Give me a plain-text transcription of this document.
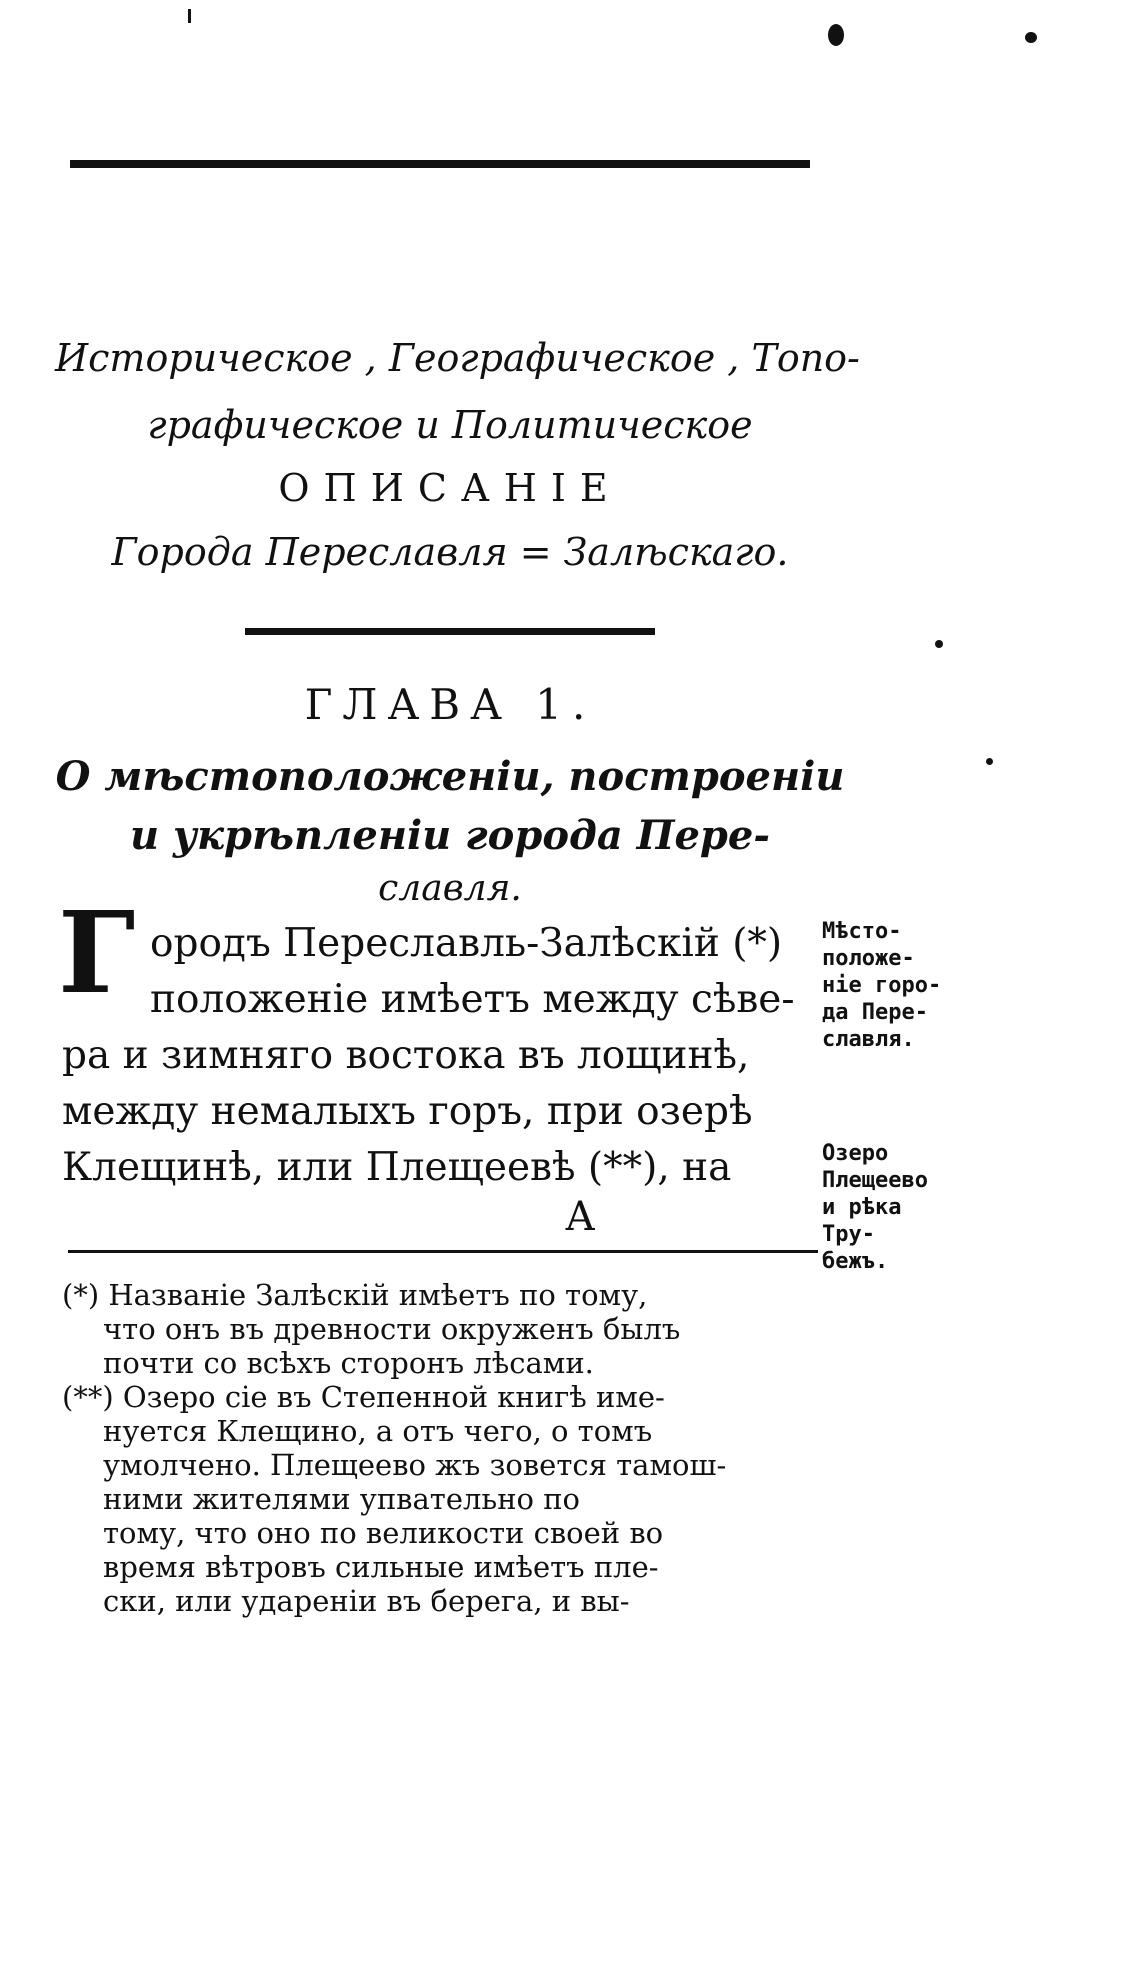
Историческое , Географическое , Топо-
графическое и Политическое
ОПИСАНІЕ
Города Переславля = Залѣскаго.
ГЛАВА 1.
О мѣстоположеніи, построеніи
и укрѣпленіи города Пере-
славля.
Г ородъ Переславль-Залѣскій (*)
положеніе имѣетъ между сѣве-
ра и зимняго востока въ лощинѣ,
между немалыхъ горъ, при озерѣ
Клещинѣ, или Плещеевѣ (**), на
А
Мѣсто-
положе-
ніе горо-
да Пере-
славля.
Озеро
Плещеево
и рѣка
Тру-
бежъ.
(*) Названіе Залѣскій имѣетъ по тому,
что онъ въ древности окруженъ былъ
почти со всѣхъ сторонъ лѣсами.
(**) Озеро сіе въ Степенной книгѣ име-
нуется Клещино, а отъ чего, о томъ
умолчено. Плещеево жъ зовется тамош-
ними жителями упвательно по
тому, что оно по великости своей во
время вѣтровъ сильные имѣетъ пле-
ски, или удареніи въ берега, и вы-
